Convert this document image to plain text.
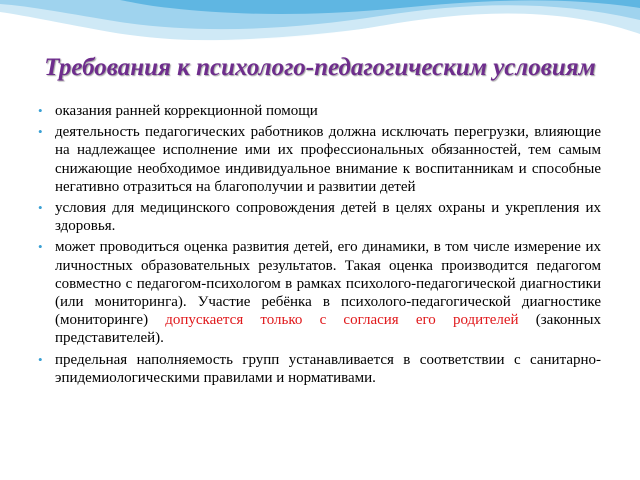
Требования к психолого-педагогическим условиям
• оказания ранней коррекционной помощи
• деятельность педагогических работников должна исключать перегрузки, влияющие на надлежащее исполнение ими их профессиональных обязанностей, тем самым снижающие необходимое индивидуальное внимание к воспитанникам и способные негативно отразиться на благополучии и развитии детей
• условия для медицинского сопровождения детей в целях охраны и укрепления их здоровья.
• может проводиться оценка развития детей, его динамики, в том числе измерение их личностных образовательных результатов. Такая оценка производится педагогом совместно с педагогом-психологом в рамках психолого-педагогической диагностики (или мониторинга). Участие ребёнка в психолого-педагогической диагностике (мониторинге) допускается только с согласия его родителей (законных представителей).
• предельная наполняемость групп устанавливается в соответствии с санитарно-эпидемиологическими правилами и нормативами.
